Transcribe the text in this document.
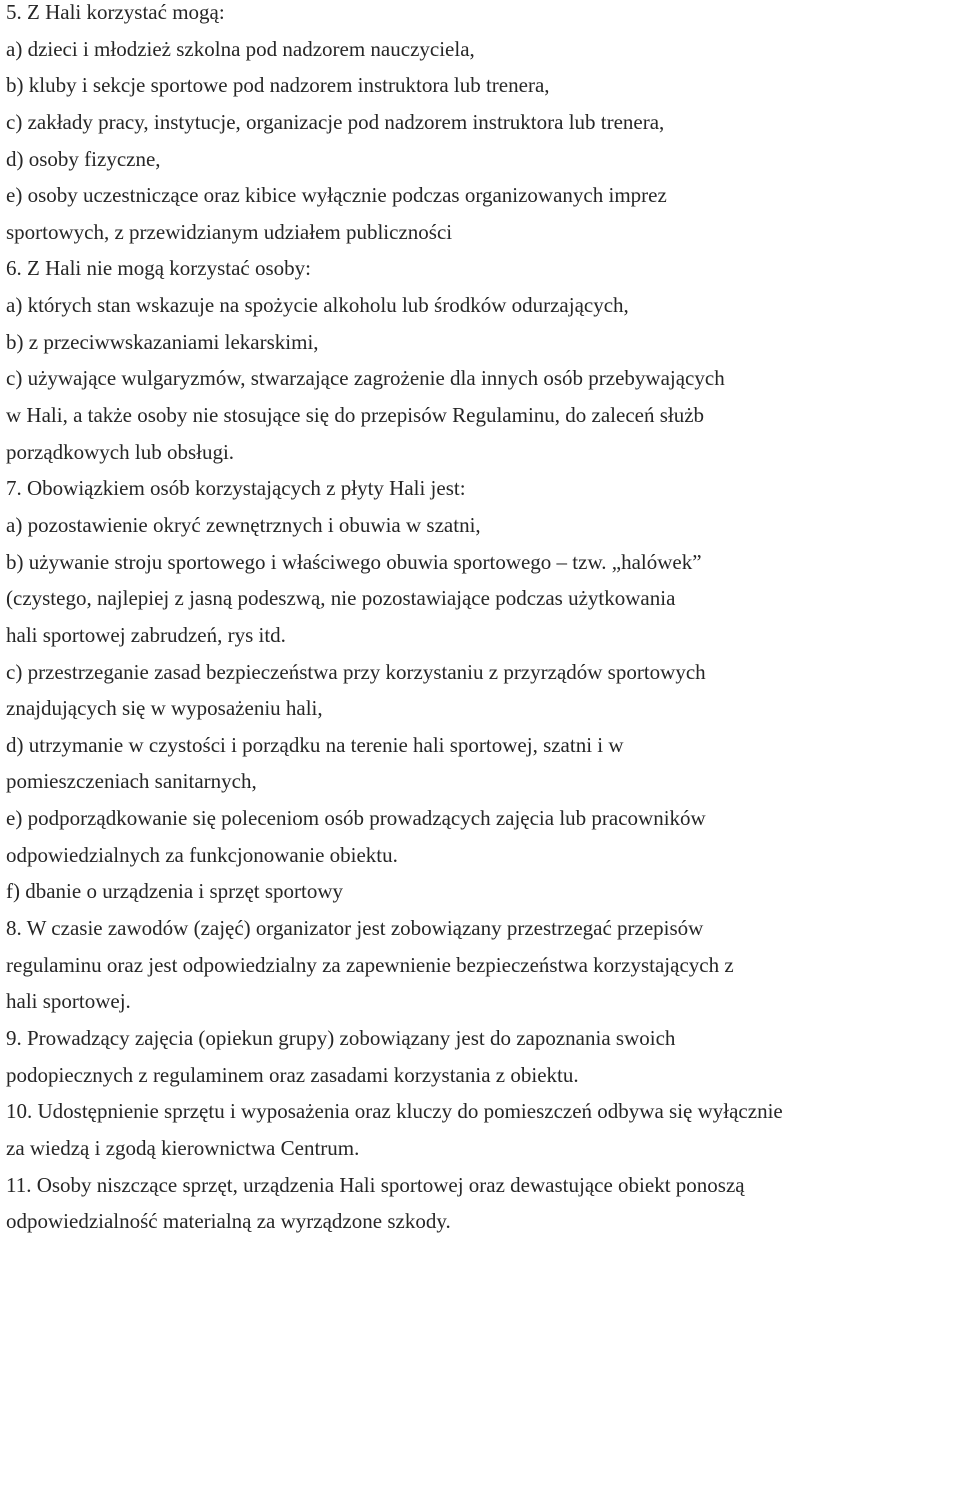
5. Z Hali korzystać mogą:
a) dzieci i młodzież szkolna pod nadzorem nauczyciela,
b) kluby i sekcje sportowe pod nadzorem instruktora lub trenera,
c) zakłady pracy, instytucje, organizacje pod nadzorem instruktora lub trenera,
d) osoby fizyczne,
e) osoby uczestniczące oraz kibice wyłącznie podczas organizowanych imprez
sportowych, z przewidzianym udziałem publiczności
6. Z Hali nie mogą korzystać osoby:
a) których stan wskazuje na spożycie alkoholu lub środków odurzających,
b) z przeciwwskazaniami lekarskimi,
c) używające wulgaryzmów, stwarzające zagrożenie dla innych osób przebywających
w Hali, a także osoby nie stosujące się do przepisów Regulaminu, do zaleceń służb
porządkowych lub obsługi.
7. Obowiązkiem osób korzystających z płyty Hali jest:
a) pozostawienie okryć zewnętrznych i obuwia w szatni,
b) używanie stroju sportowego i właściwego obuwia sportowego – tzw. „halówek”
(czystego, najlepiej z jasną podeszwą, nie pozostawiające podczas użytkowania
hali sportowej zabrudzeń, rys itd.
c) przestrzeganie zasad bezpieczeństwa przy korzystaniu z przyrządów sportowych
znajdujących się w wyposażeniu hali,
d) utrzymanie w czystości i porządku na terenie hali sportowej, szatni i w
pomieszczeniach sanitarnych,
e) podporządkowanie się poleceniom osób prowadzących zajęcia lub pracowników
odpowiedzialnych za funkcjonowanie obiektu.
f) dbanie o urządzenia i sprzęt sportowy
8. W czasie zawodów (zajęć) organizator jest zobowiązany przestrzegać przepisów
regulaminu oraz jest odpowiedzialny za zapewnienie bezpieczeństwa korzystających z
hali sportowej.
9. Prowadzący zajęcia (opiekun grupy) zobowiązany jest do zapoznania swoich
podopiecznych z regulaminem oraz zasadami korzystania z obiektu.
10. Udostępnienie sprzętu i wyposażenia oraz kluczy do pomieszczeń odbywa się wyłącznie
za wiedzą i zgodą kierownictwa Centrum.
11. Osoby niszczące sprzęt, urządzenia Hali sportowej oraz dewastujące obiekt ponoszą
odpowiedzialność materialną za wyrządzone szkody.
